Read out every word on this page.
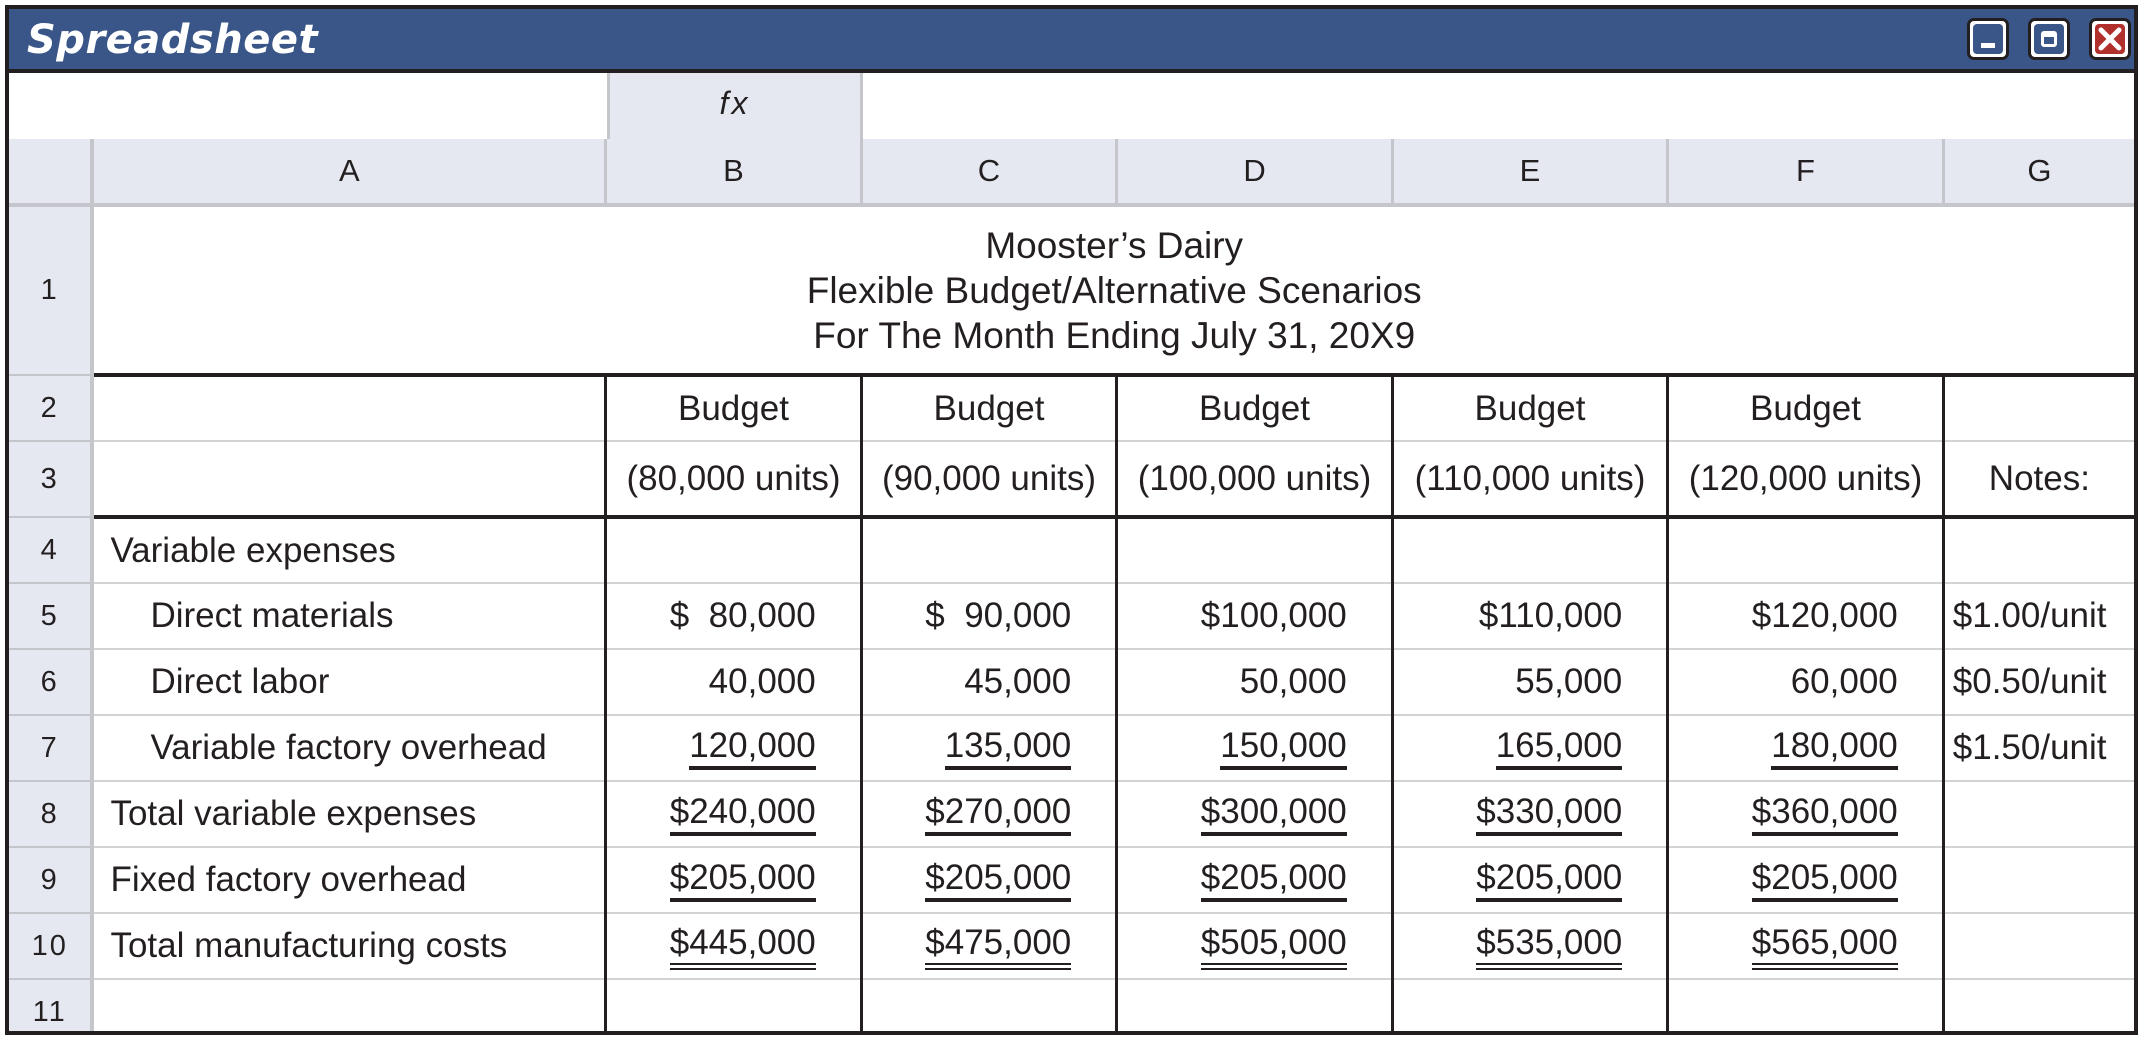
Spreadsheet
fx
	A	B	C	D	E	F	G
1	Mooster’s Dairy
Flexible Budget/Alternative Scenarios
For The Month Ending July 31, 20X9						

2		Budget	Budget	Budget	Budget	Budget	
3		(80,000 units)	(90,000 units)	(100,000 units)	(110,000 units)	(120,000 units)	Notes:
4	Variable expenses						
5	Direct materials	$  80,000	$  90,000	$100,000	$110,000	$120,000	$1.00/unit
6	Direct labor	40,000	45,000	50,000	55,000	60,000	$0.50/unit
7	Variable factory overhead	120,000	135,000	150,000	165,000	180,000	$1.50/unit
8	Total variable expenses	$240,000	$270,000	$300,000	$330,000	$360,000	
9	Fixed factory overhead	$205,000	$205,000	$205,000	$205,000	$205,000	
10	Total manufacturing costs	$445,000	$475,000	$505,000	$535,000	$565,000	
11							
